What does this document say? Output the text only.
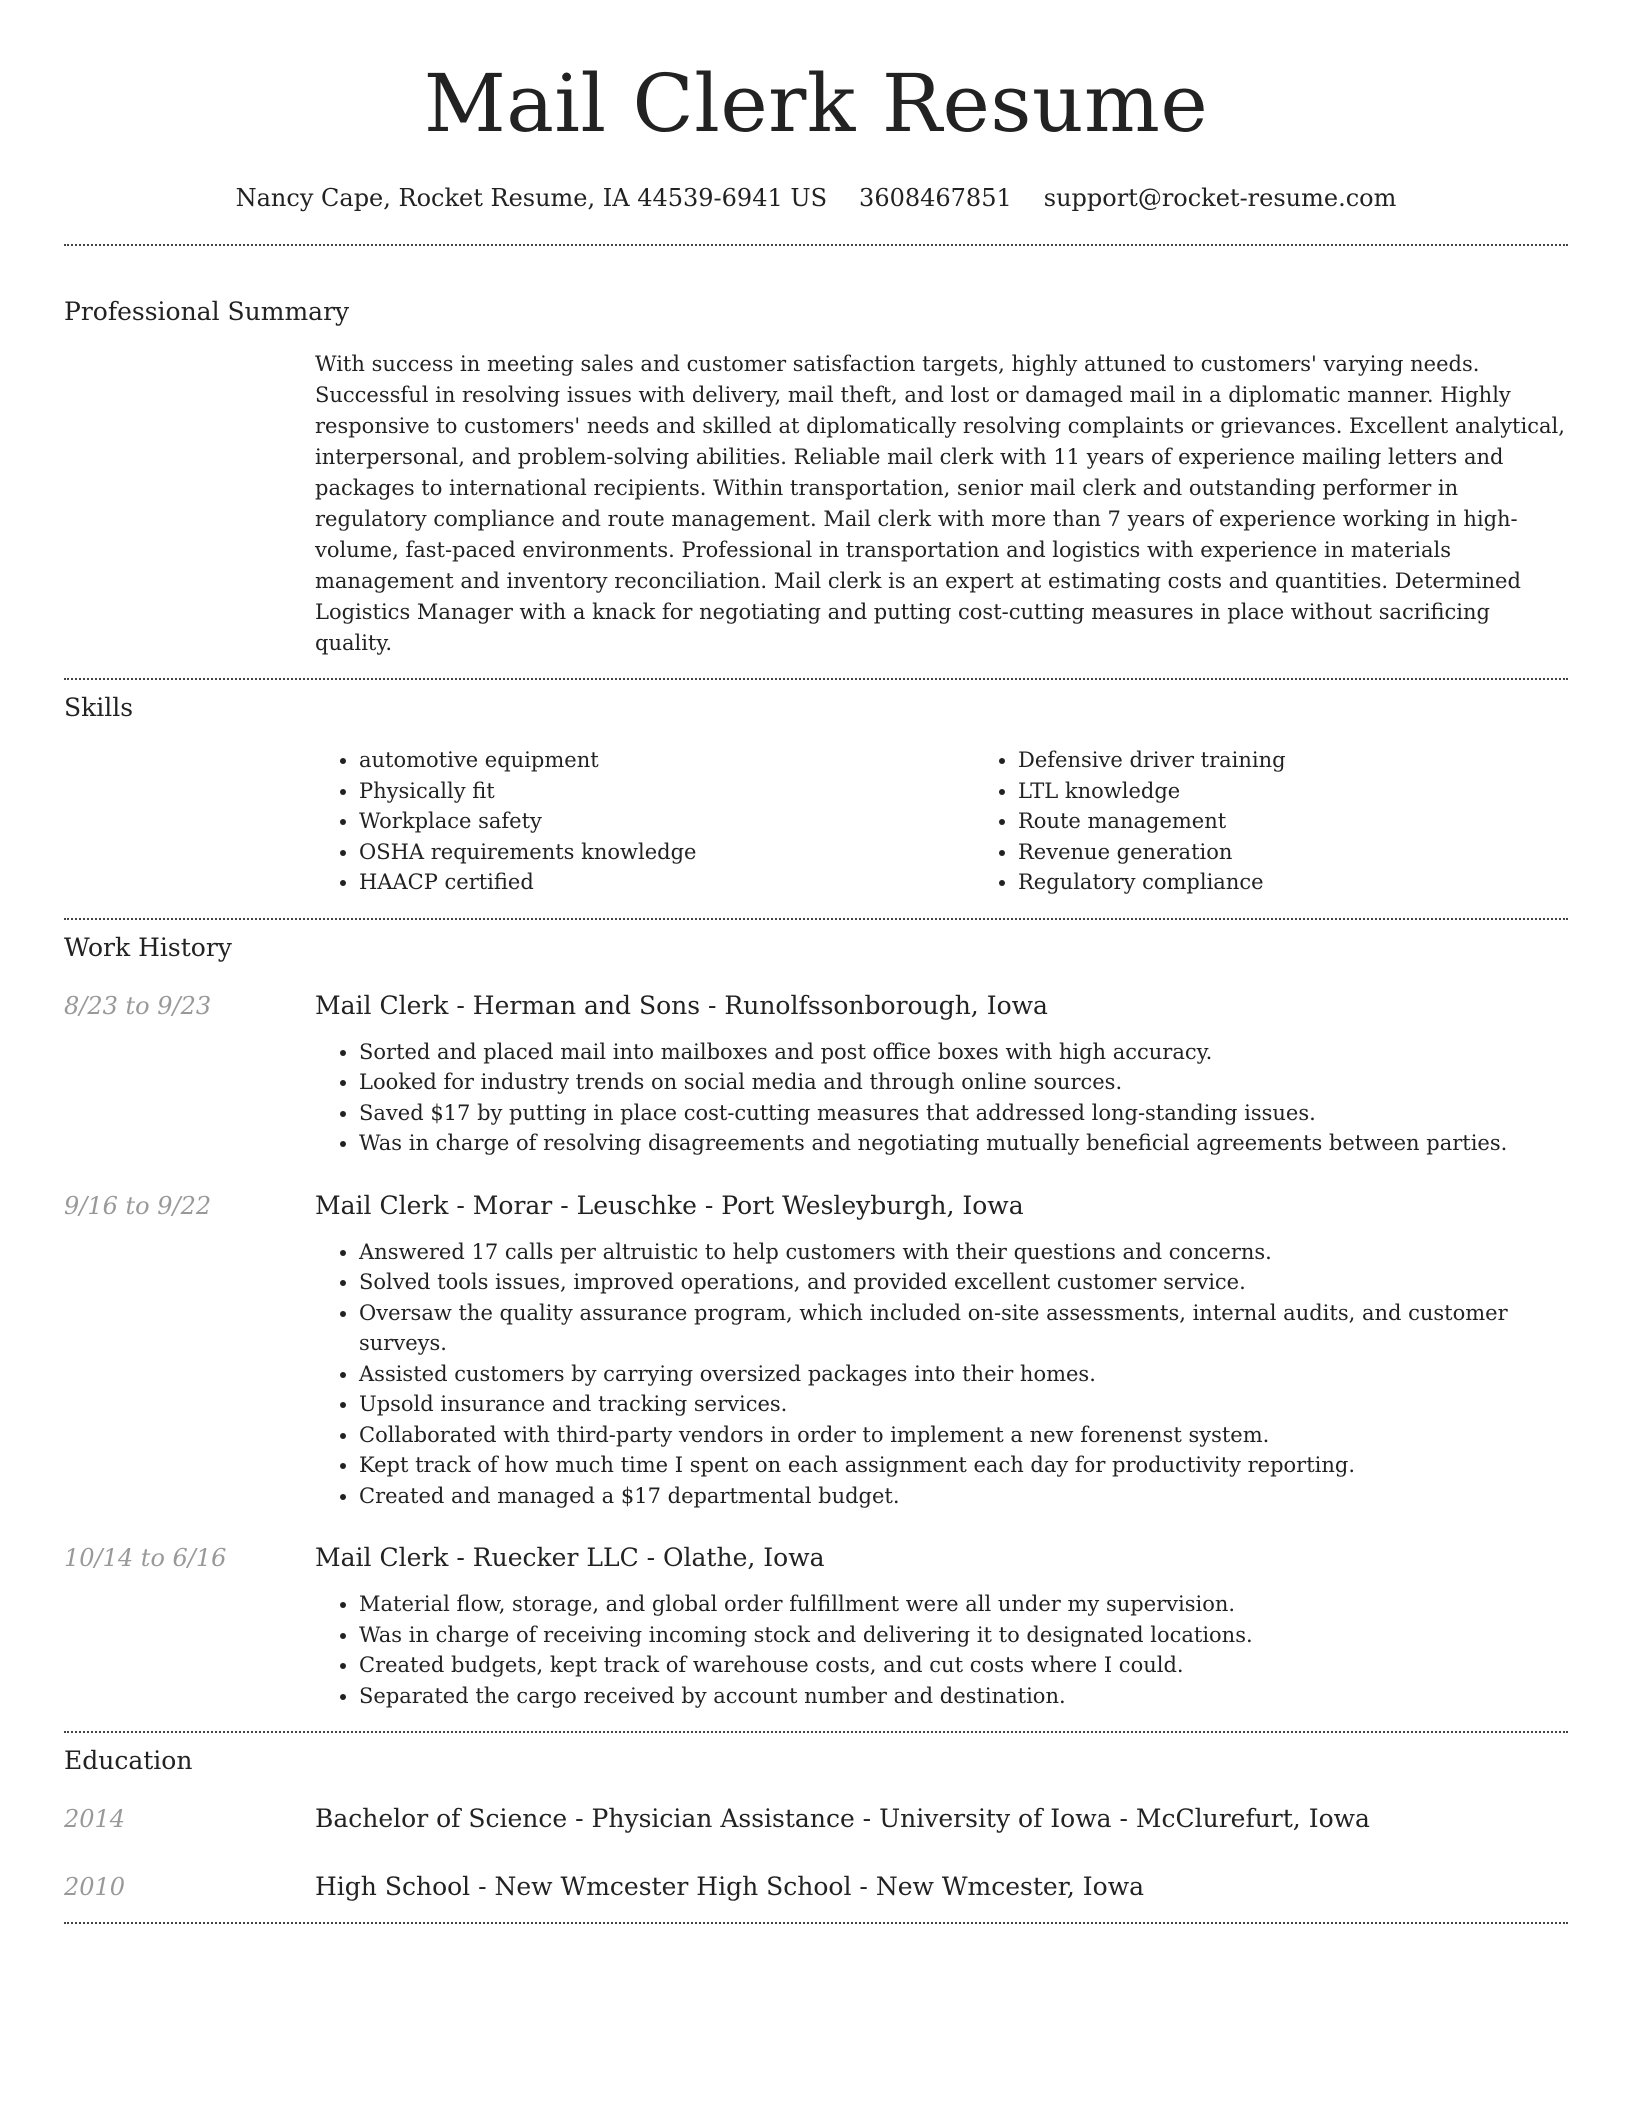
Mail Clerk Resume
Nancy Cape, Rocket Resume, IA 44539-6941 US 3608467851 support@rocket-resume.com
Professional Summary
With success in meeting sales and customer satisfaction targets, highly attuned to customers' varying needs. Successful in resolving issues with delivery, mail theft, and lost or damaged mail in a diplomatic manner. Highly responsive to customers' needs and skilled at diplomatically resolving complaints or grievances. Excellent analytical, interpersonal, and problem-solving abilities. Reliable mail clerk with 11 years of experience mailing letters and packages to international recipients. Within transportation, senior mail clerk and outstanding performer in regulatory compliance and route management. Mail clerk with more than 7 years of experience working in high-volume, fast-paced environments. Professional in transportation and logistics with experience in materials management and inventory reconciliation. Mail clerk is an expert at estimating costs and quantities. Determined Logistics Manager with a knack for negotiating and putting cost-cutting measures in place without sacrificing quality.
Skills
• automotive equipment
• Physically fit
• Workplace safety
• OSHA requirements knowledge
• HAACP certified
• Defensive driver training
• LTL knowledge
• Route management
• Revenue generation
• Regulatory compliance
Work History
8/23 to 9/23	Mail Clerk - Herman and Sons - Runolfssonborough, Iowa
• Sorted and placed mail into mailboxes and post office boxes with high accuracy.
• Looked for industry trends on social media and through online sources.
• Saved $17 by putting in place cost-cutting measures that addressed long-standing issues.
• Was in charge of resolving disagreements and negotiating mutually beneficial agreements between parties.
9/16 to 9/22	Mail Clerk - Morar - Leuschke - Port Wesleyburgh, Iowa
• Answered 17 calls per altruistic to help customers with their questions and concerns.
• Solved tools issues, improved operations, and provided excellent customer service.
• Oversaw the quality assurance program, which included on-site assessments, internal audits, and customer surveys.
• Assisted customers by carrying oversized packages into their homes.
• Upsold insurance and tracking services.
• Collaborated with third-party vendors in order to implement a new forenenst system.
• Kept track of how much time I spent on each assignment each day for productivity reporting.
• Created and managed a $17 departmental budget.
10/14 to 6/16	Mail Clerk - Ruecker LLC - Olathe, Iowa
• Material flow, storage, and global order fulfillment were all under my supervision.
• Was in charge of receiving incoming stock and delivering it to designated locations.
• Created budgets, kept track of warehouse costs, and cut costs where I could.
• Separated the cargo received by account number and destination.
Education
2014	Bachelor of Science - Physician Assistance - University of Iowa - McClurefurt, Iowa
2010	High School - New Wmcester High School - New Wmcester, Iowa
